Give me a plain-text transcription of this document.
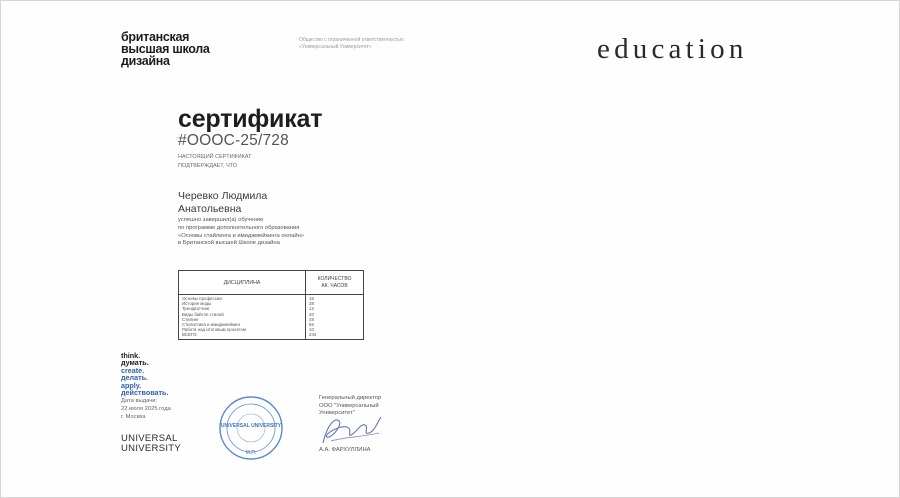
британская
высшая школа
дизайна
Общество с ограниченной ответственностью
«Универсальный Университет»	education
сертификат
#OOOC-25/728
НАСТОЯЩИЙ СЕРТИФИКАТ
ПОДТВЕРЖДАЕТ, ЧТО
Черевко Людмила
Анатольевна
успешно завершил(а) обучение
по программе дополнительного образования
«Основы стайлинга и имиджмейкинга онлайн»
в Британской высшей Школе дизайна
ДИСЦИПЛИНА
КОЛИЧЕСТВО
АК. ЧАСОВ
Основы профессии	16
История моды	38
Трендвотчинг	12
Виды байтоп стилей	20
Стилинг	48
Стилистика и имиджмейкинг	56
Работа над итоговым проектом	10
ВСЕГО:	244
think.
думать.
create.
делать.
apply.
действовать.
Дата выдачи:
22 июля 2025 года
г. Москва
UNIVERSAL
UNIVERSITY
UNIVERSAL UNIVERSITY
М.П.
Генеральный директор
ООО "Универсальный
Университет"
А.А. ФАРХУЛЛИНА
